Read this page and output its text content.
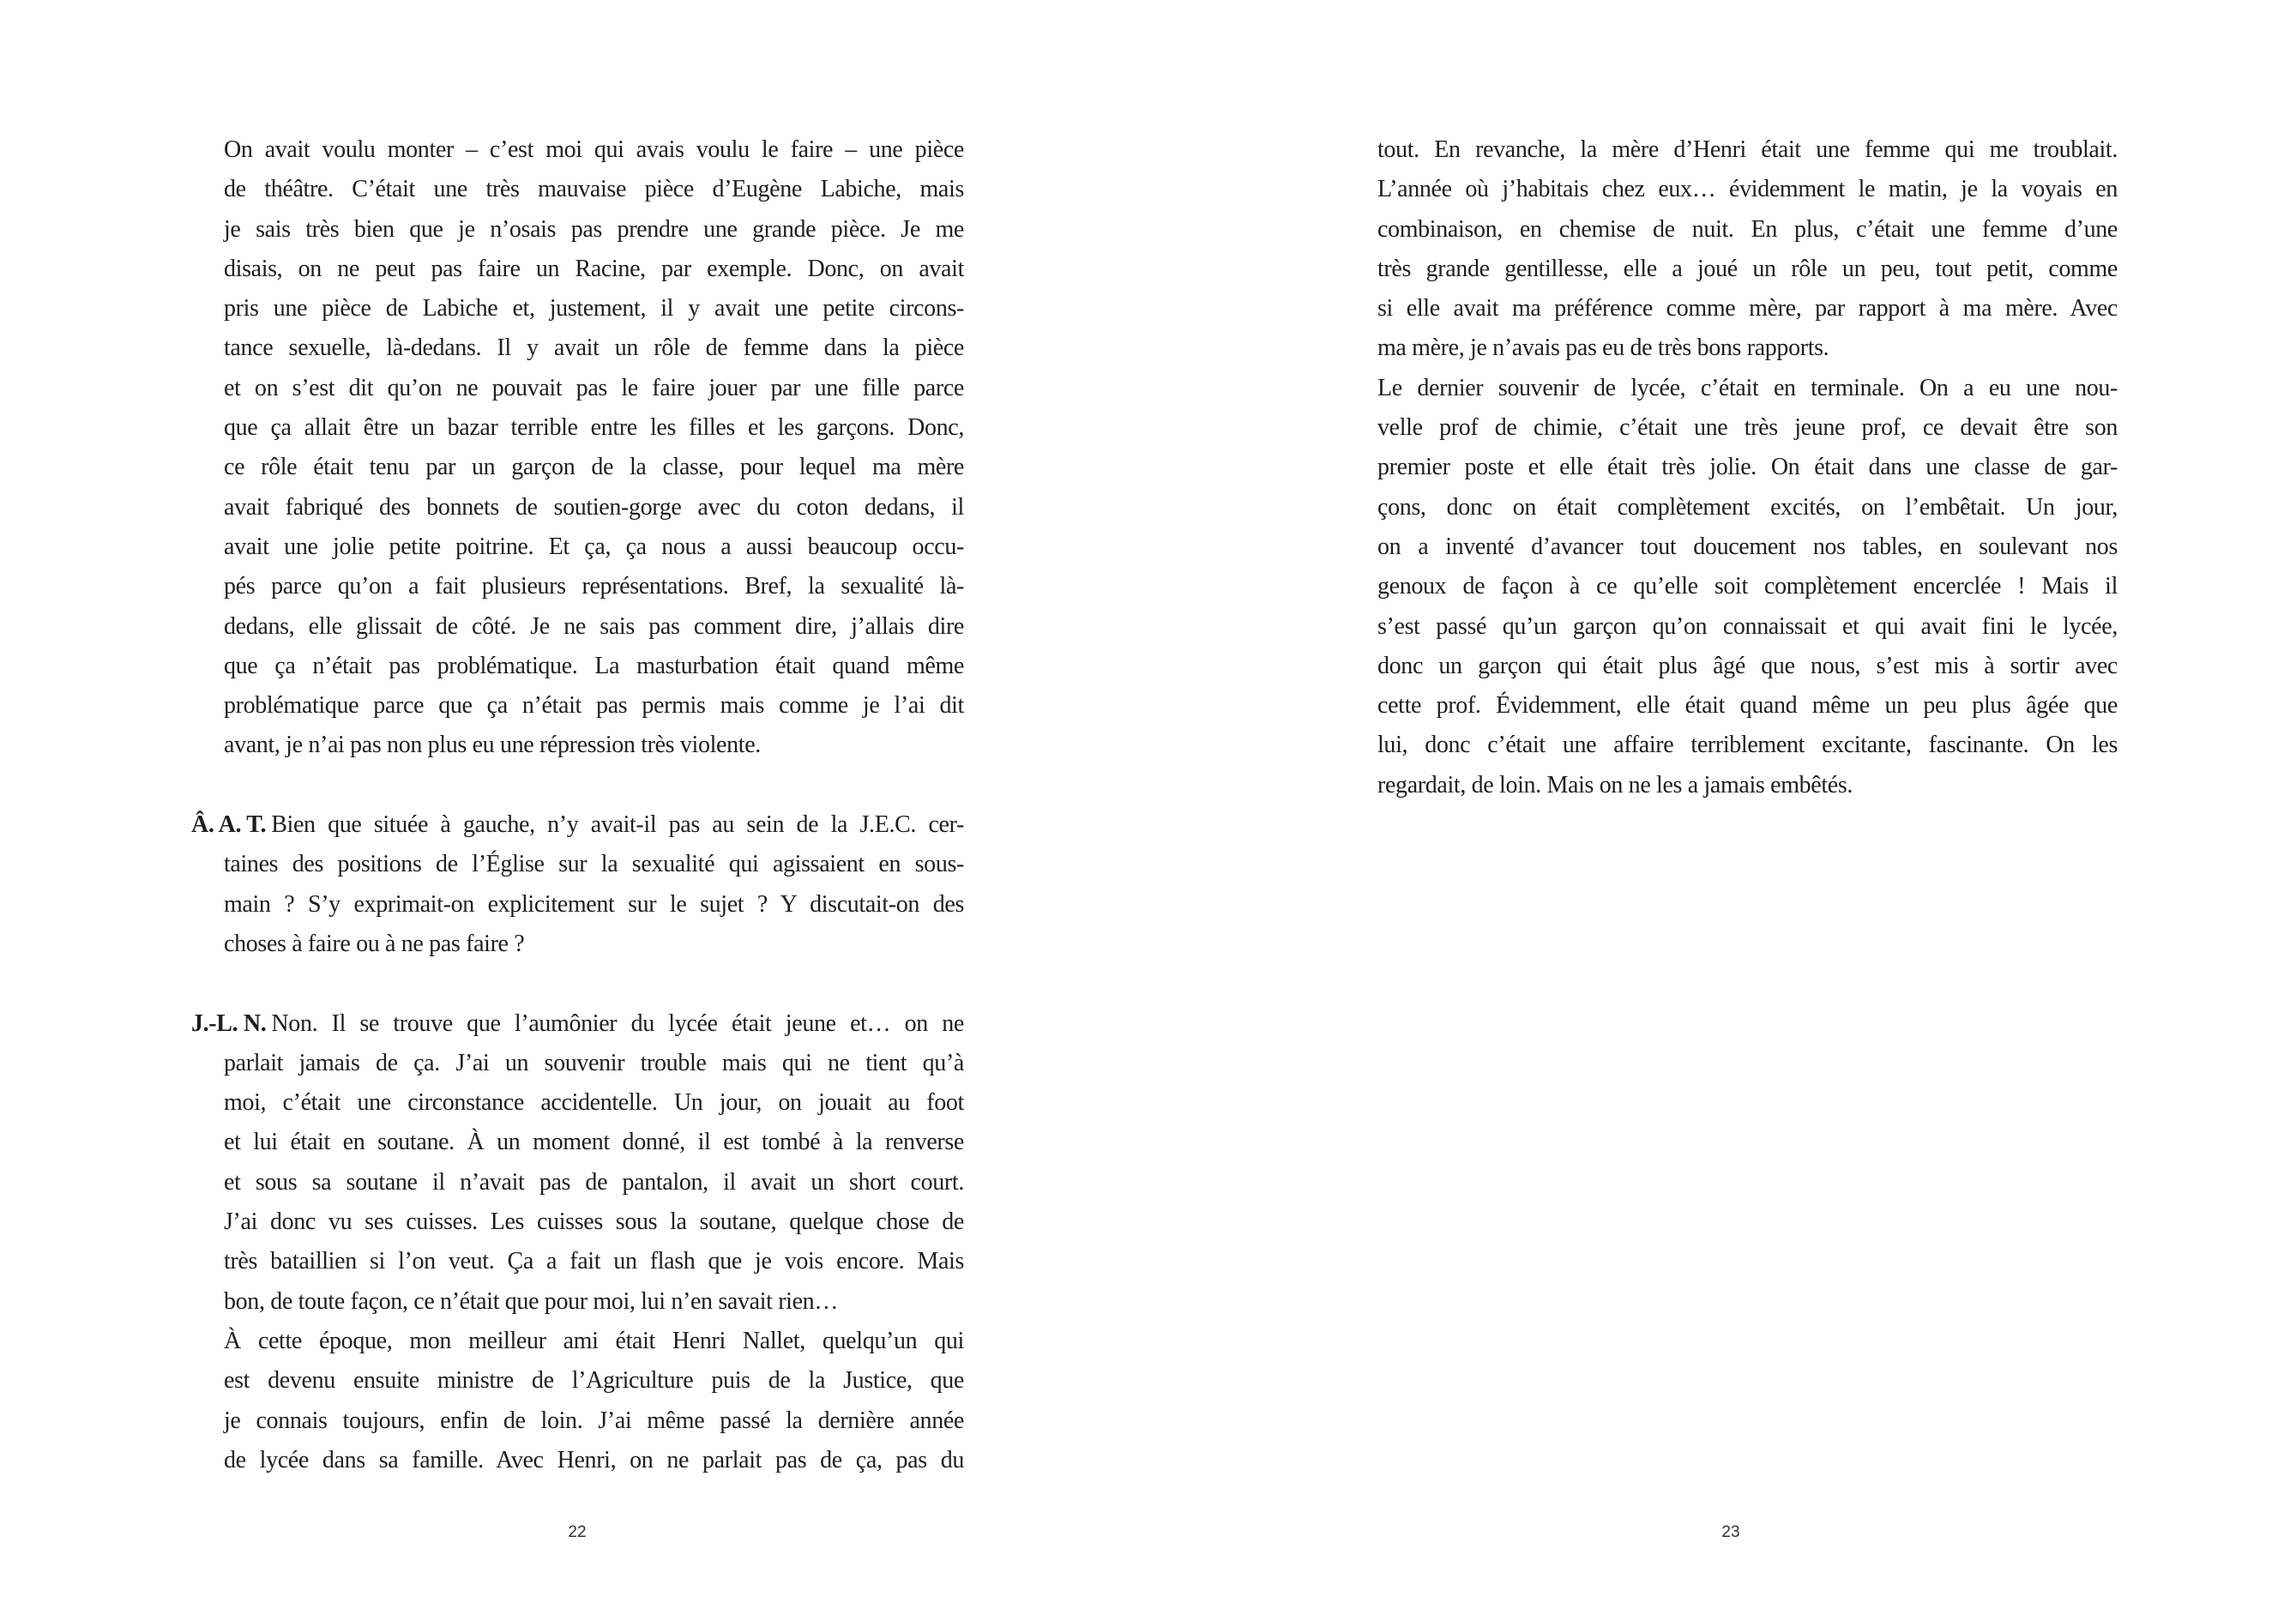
On avait voulu monter – c’est moi qui avais voulu le faire – une pièce
de théâtre. C’était une très mauvaise pièce d’Eugène Labiche, mais
je sais très bien que je n’osais pas prendre une grande pièce. Je me
disais, on ne peut pas faire un Racine, par exemple. Donc, on avait
pris une pièce de Labiche et, justement, il y avait une petite circons-
tance sexuelle, là-dedans. Il y avait un rôle de femme dans la pièce
et on s’est dit qu’on ne pouvait pas le faire jouer par une fille parce
que ça allait être un bazar terrible entre les filles et les garçons. Donc,
ce rôle était tenu par un garçon de la classe, pour lequel ma mère
avait fabriqué des bonnets de soutien-gorge avec du coton dedans, il
avait une jolie petite poitrine. Et ça, ça nous a aussi beaucoup occu-
pés parce qu’on a fait plusieurs représentations. Bref, la sexualité là-
dedans, elle glissait de côté. Je ne sais pas comment dire, j’allais dire
que ça n’était pas problématique. La masturbation était quand même
problématique parce que ça n’était pas permis mais comme je l’ai dit
avant, je n’ai pas non plus eu une répression très violente.
Â. A. T. Bien que située à gauche, n’y avait-il pas au sein de la J.E.C. cer-
taines des positions de l’Église sur la sexualité qui agissaient en sous-
main ? S’y exprimait-on explicitement sur le sujet ? Y discutait-on des
choses à faire ou à ne pas faire ?
J.-L. N. Non. Il se trouve que l’aumônier du lycée était jeune et… on ne
parlait jamais de ça. J’ai un souvenir trouble mais qui ne tient qu’à
moi, c’était une circonstance accidentelle. Un jour, on jouait au foot
et lui était en soutane. À un moment donné, il est tombé à la renverse
et sous sa soutane il n’avait pas de pantalon, il avait un short court.
J’ai donc vu ses cuisses. Les cuisses sous la soutane, quelque chose de
très bataillien si l’on veut. Ça a fait un flash que je vois encore. Mais
bon, de toute façon, ce n’était que pour moi, lui n’en savait rien…
À cette époque, mon meilleur ami était Henri Nallet, quelqu’un qui
est devenu ensuite ministre de l’Agriculture puis de la Justice, que
je connais toujours, enfin de loin. J’ai même passé la dernière année
de lycée dans sa famille. Avec Henri, on ne parlait pas de ça, pas du
tout. En revanche, la mère d’Henri était une femme qui me troublait.
L’année où j’habitais chez eux… évidemment le matin, je la voyais en
combinaison, en chemise de nuit. En plus, c’était une femme d’une
très grande gentillesse, elle a joué un rôle un peu, tout petit, comme
si elle avait ma préférence comme mère, par rapport à ma mère. Avec
ma mère, je n’avais pas eu de très bons rapports.
Le dernier souvenir de lycée, c’était en terminale. On a eu une nou-
velle prof de chimie, c’était une très jeune prof, ce devait être son
premier poste et elle était très jolie. On était dans une classe de gar-
çons, donc on était complètement excités, on l’embêtait. Un jour,
on a inventé d’avancer tout doucement nos tables, en soulevant nos
genoux de façon à ce qu’elle soit complètement encerclée ! Mais il
s’est passé qu’un garçon qu’on connaissait et qui avait fini le lycée,
donc un garçon qui était plus âgé que nous, s’est mis à sortir avec
cette prof. Évidemment, elle était quand même un peu plus âgée que
lui, donc c’était une affaire terriblement excitante, fascinante. On les
regardait, de loin. Mais on ne les a jamais embêtés.
22	23
